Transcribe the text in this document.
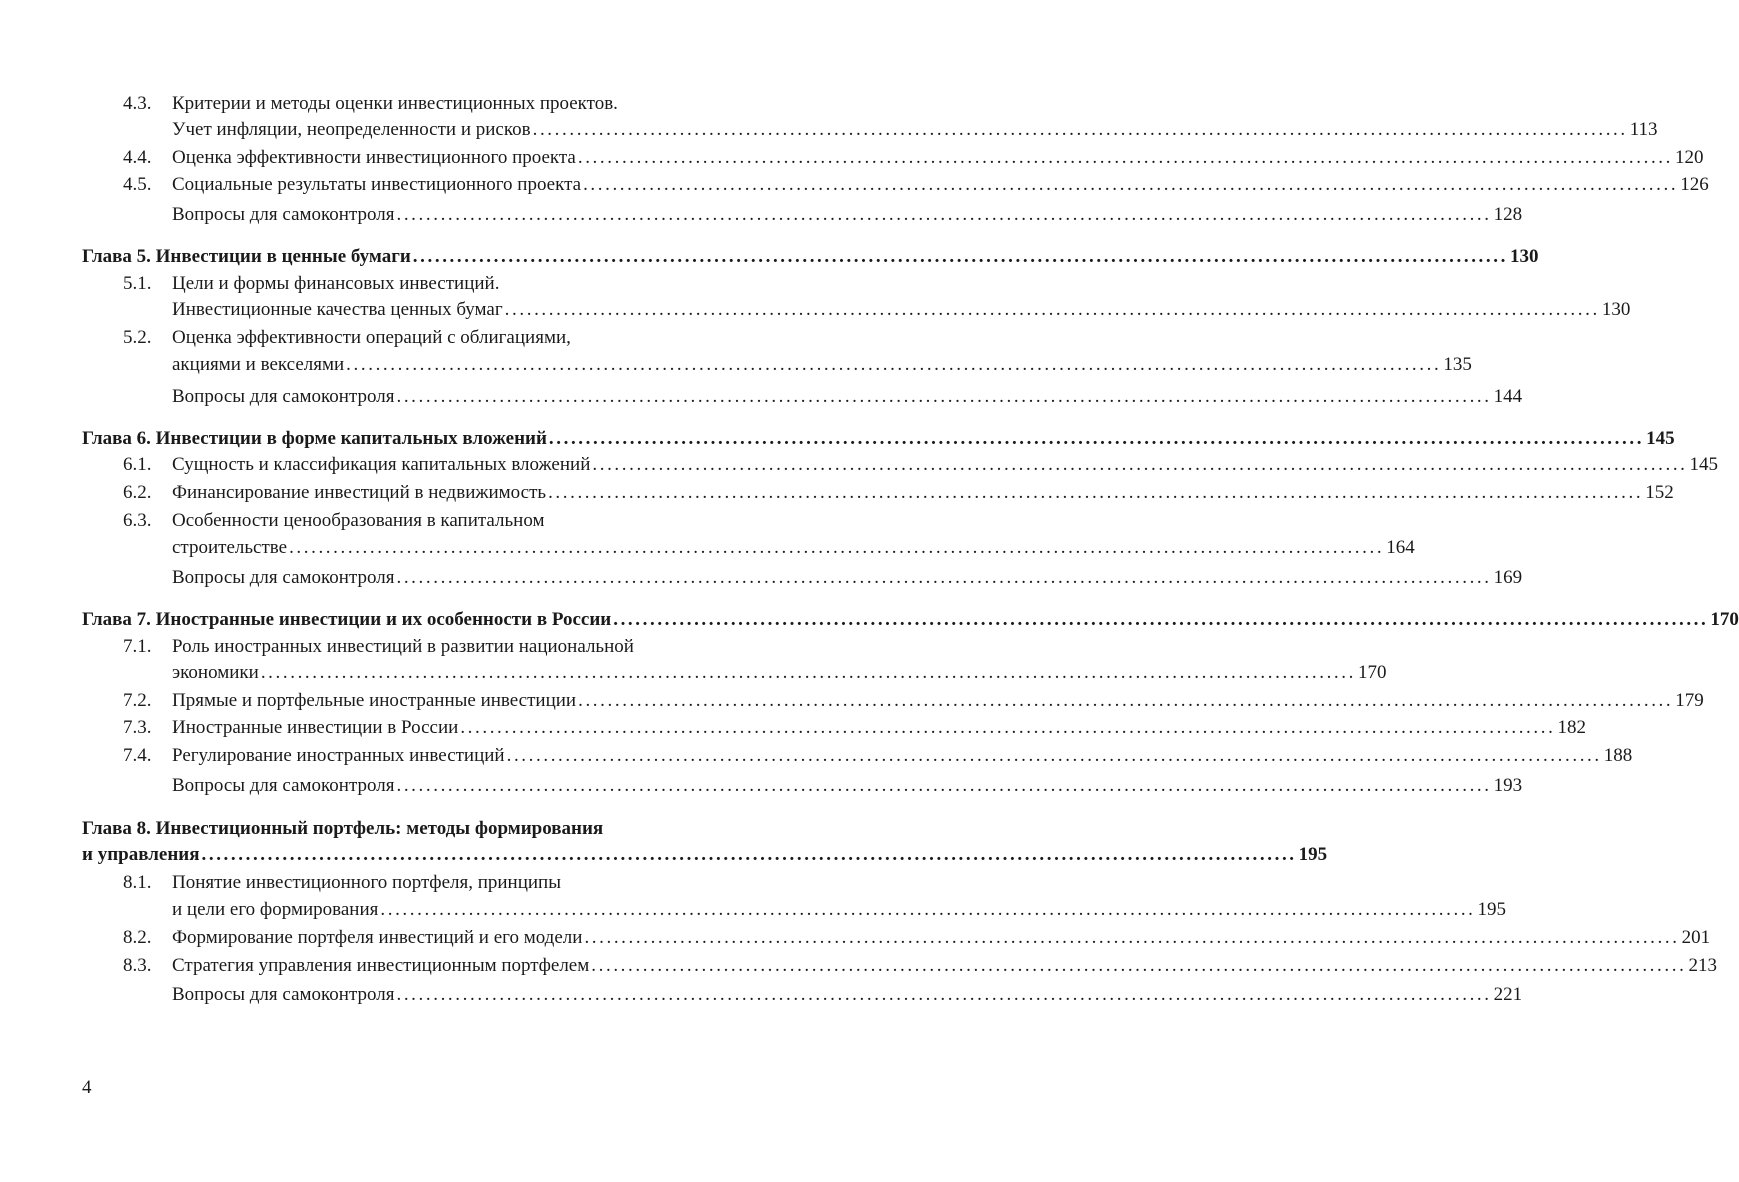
4.3. Критерии и методы оценки инвестиционных проектов.
Учет инфляции, неопределенности и рисков ..................................................................................................................................................... 113
4.4. Оценка эффективности инвестиционного проекта ..................................................................................................................................................... 120
4.5. Социальные результаты инвестиционного проекта ..................................................................................................................................................... 126
Вопросы для самоконтроля ..................................................................................................................................................... 128
Глава 5. Инвестиции в ценные бумаги ..................................................................................................................................................... 130
5.1. Цели и формы финансовых инвестиций.
Инвестиционные качества ценных бумаг ..................................................................................................................................................... 130
5.2. Оценка эффективности операций с облигациями,
акциями и векселями ..................................................................................................................................................... 135
Вопросы для самоконтроля ..................................................................................................................................................... 144
Глава 6. Инвестиции в форме капитальных вложений ..................................................................................................................................................... 145
6.1. Сущность и классификация капитальных вложений ..................................................................................................................................................... 145
6.2. Финансирование инвестиций в недвижимость ..................................................................................................................................................... 152
6.3. Особенности ценообразования в капитальном
строительстве ..................................................................................................................................................... 164
Вопросы для самоконтроля ..................................................................................................................................................... 169
Глава 7. Иностранные инвестиции и их особенности в России ..................................................................................................................................................... 170
7.1. Роль иностранных инвестиций в развитии национальной
экономики ..................................................................................................................................................... 170
7.2. Прямые и портфельные иностранные инвестиции ..................................................................................................................................................... 179
7.3. Иностранные инвестиции в России ..................................................................................................................................................... 182
7.4. Регулирование иностранных инвестиций ..................................................................................................................................................... 188
Вопросы для самоконтроля ..................................................................................................................................................... 193
Глава 8. Инвестиционный портфель: методы формирования
и управления ..................................................................................................................................................... 195
8.1. Понятие инвестиционного портфеля, принципы
и цели его формирования ..................................................................................................................................................... 195
8.2. Формирование портфеля инвестиций и его модели ..................................................................................................................................................... 201
8.3. Стратегия управления инвестиционным портфелем ..................................................................................................................................................... 213
Вопросы для самоконтроля ..................................................................................................................................................... 221
4
